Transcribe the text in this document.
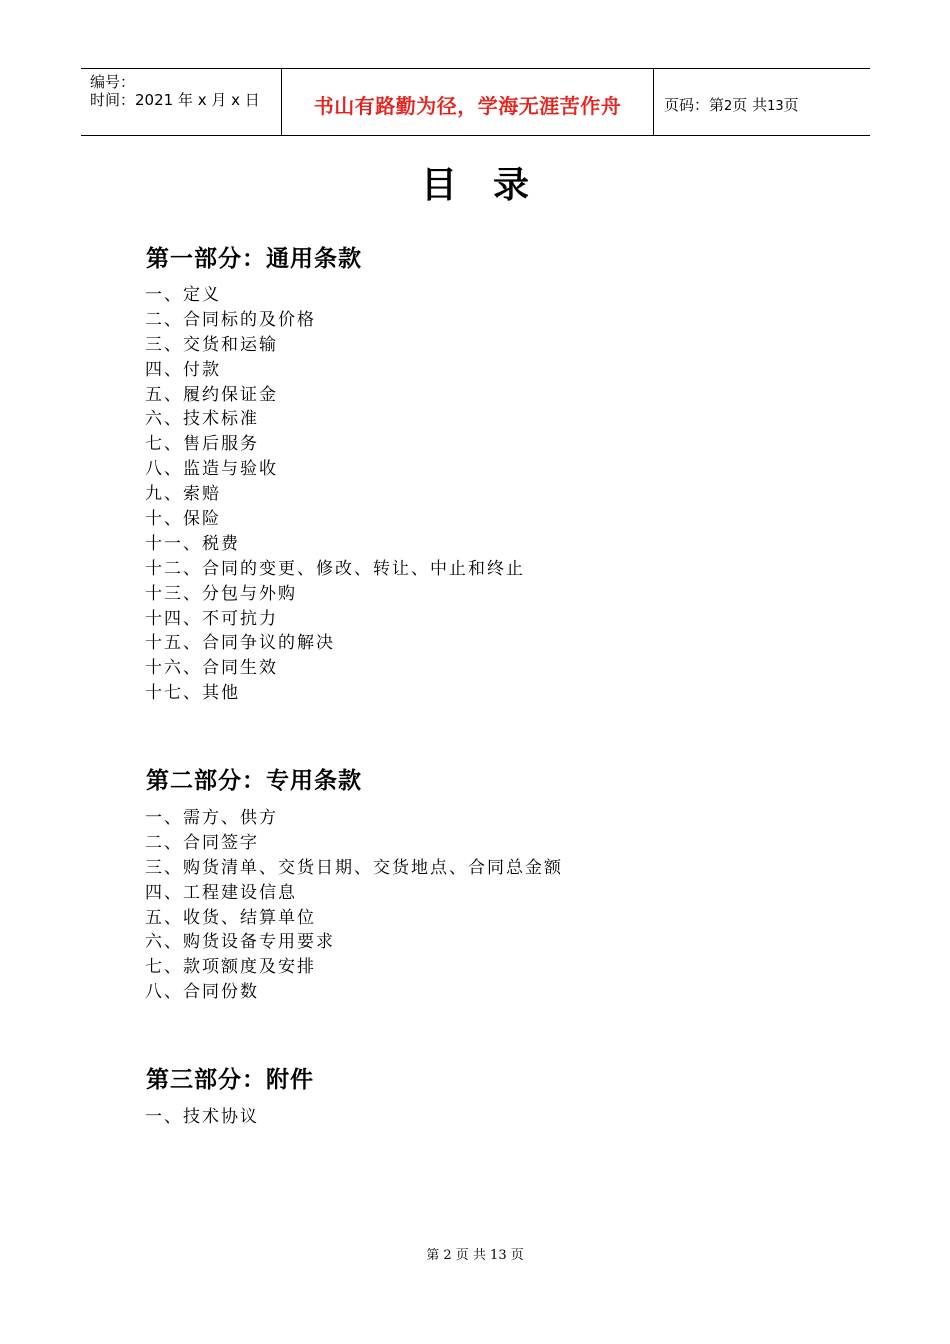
编号：
时间：2021 年 x 月 x 日	书山有路勤为径，学海无涯苦作舟	页码：第2页 共13页
目录
第一部分：通用条款
一、定义
二、合同标的及价格
三、交货和运输
四、付款
五、履约保证金
六、技术标准
七、售后服务
八、监造与验收
九、索赔
十、保险
十一、税费
十二、合同的变更、修改、转让、中止和终止
十三、分包与外购
十四、不可抗力
十五、合同争议的解决
十六、合同生效
十七、其他
第二部分：专用条款
一、需方、供方
二、合同签字
三、购货清单、交货日期、交货地点、合同总金额
四、工程建设信息
五、收货、结算单位
六、购货设备专用要求
七、款项额度及安排
八、合同份数
第三部分：附件
一、技术协议
第 2 页 共 13 页
